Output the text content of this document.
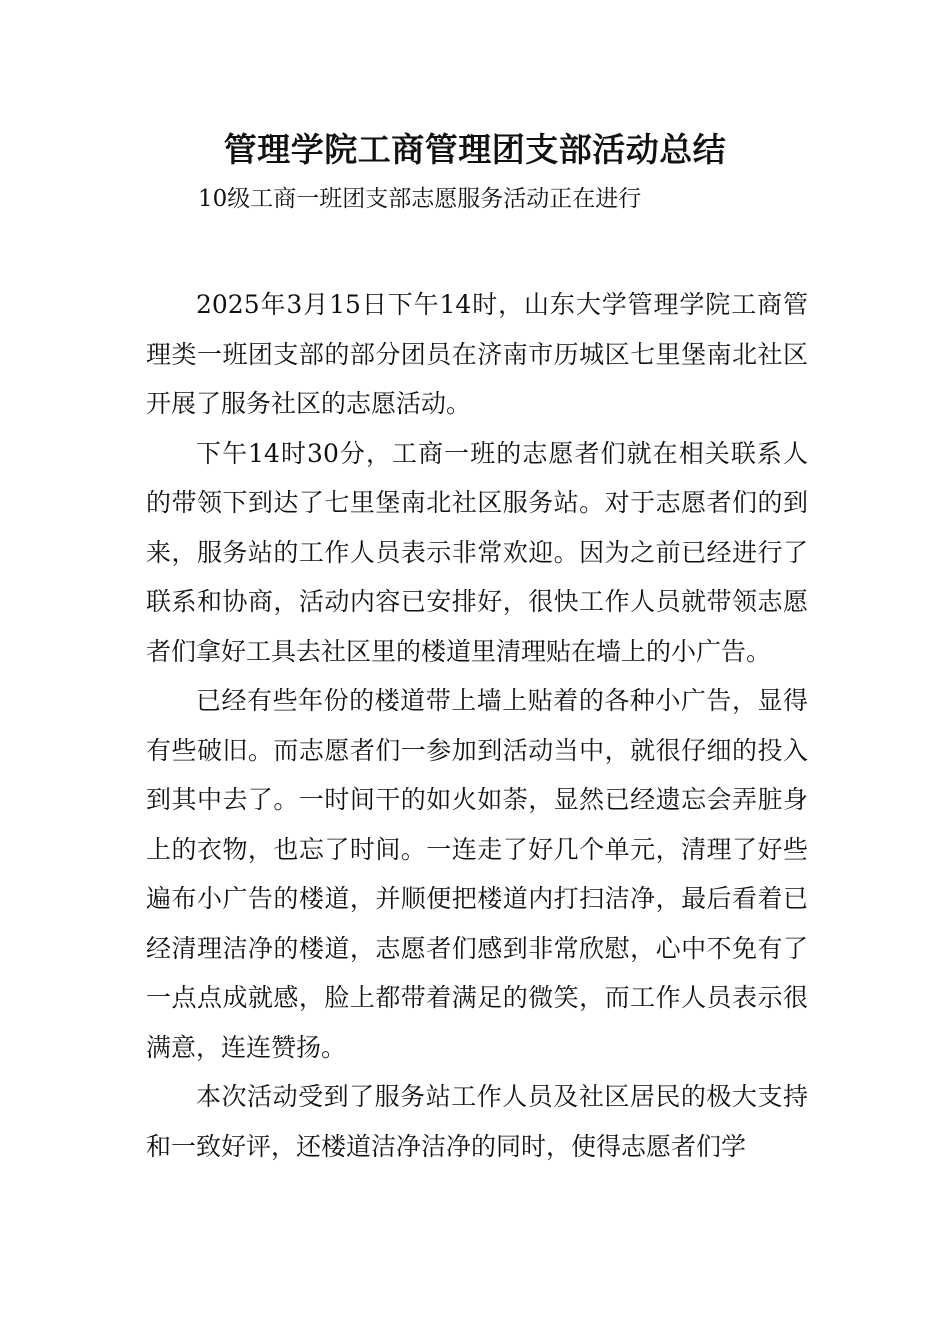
管理学院工商管理团支部活动总结

10级工商一班团支部志愿服务活动正在进行

2025年3月15日下午14时，山东大学管理学院工商管理类一班团支部的部分团员在济南市历城区七里堡南北社区开展了服务社区的志愿活动。

下午14时30分，工商一班的志愿者们就在相关联系人的带领下到达了七里堡南北社区服务站。对于志愿者们的到来，服务站的工作人员表示非常欢迎。因为之前已经进行了联系和协商，活动内容已安排好，很快工作人员就带领志愿者们拿好工具去社区里的楼道里清理贴在墙上的小广告。

已经有些年份的楼道带上墙上贴着的各种小广告，显得有些破旧。而志愿者们一参加到活动当中，就很仔细的投入到其中去了。一时间干的如火如荼，显然已经遗忘会弄脏身上的衣物，也忘了时间。一连走了好几个单元，清理了好些遍布小广告的楼道，并顺便把楼道内打扫洁净，最后看着已经清理洁净的楼道，志愿者们感到非常欣慰，心中不免有了一点点成就感，脸上都带着满足的微笑，而工作人员表示很满意，连连赞扬。

本次活动受到了服务站工作人员及社区居民的极大支持和一致好评，还楼道洁净洁净的同时，使得志愿者们学
